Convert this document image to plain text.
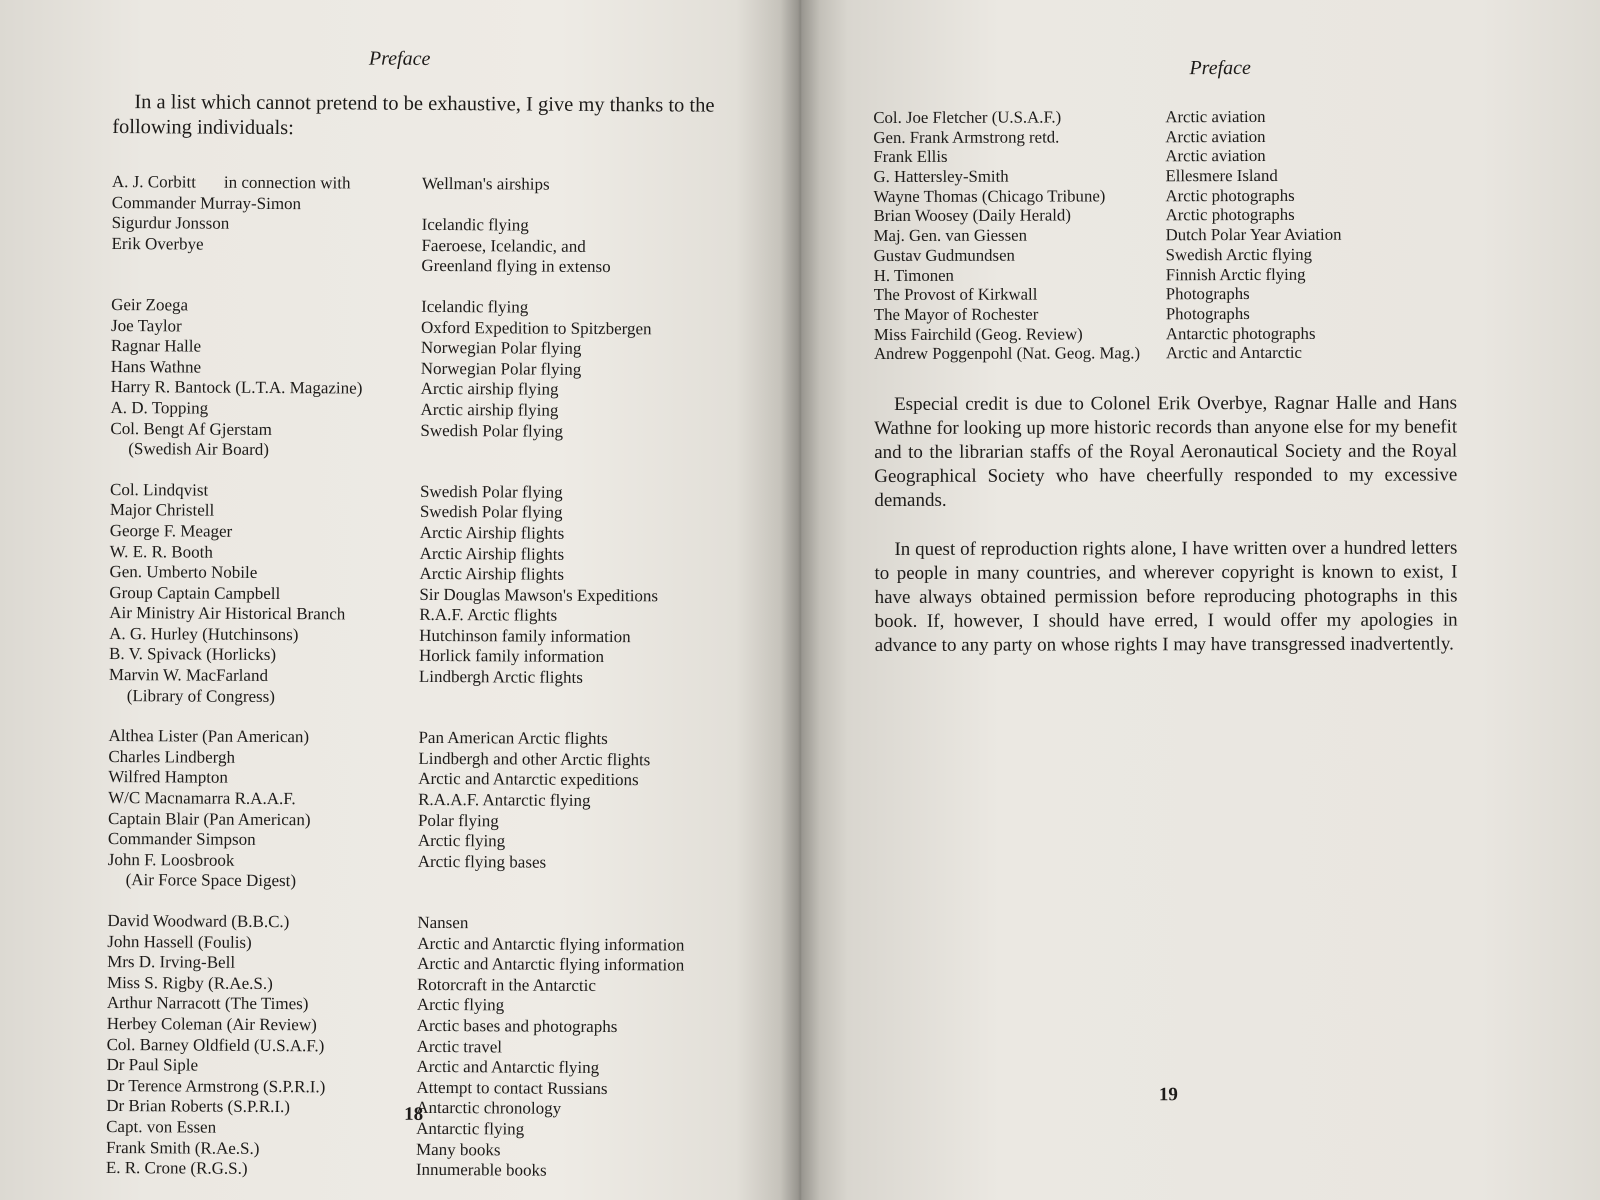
Preface

In a list which cannot pretend to be exhaustive, I give my thanks to the following individuals:

A. J. Corbitt in connection with	Wellman's airships
Commander Murray-Simon
Sigurdur Jonsson	Icelandic flying
Erik Overbye	Faeroese, Icelandic, and
Greenland flying in extenso
Geir Zoega	Icelandic flying
Joe Taylor	Oxford Expedition to Spitzbergen
Ragnar Halle	Norwegian Polar flying
Hans Wathne	Norwegian Polar flying
Harry R. Bantock (L.T.A. Magazine)	Arctic airship flying
A. D. Topping	Arctic airship flying
Col. Bengt Af Gjerstam	Swedish Polar flying
(Swedish Air Board)
Col. Lindqvist	Swedish Polar flying
Major Christell	Swedish Polar flying
George F. Meager	Arctic Airship flights
W. E. R. Booth	Arctic Airship flights
Gen. Umberto Nobile	Arctic Airship flights
Group Captain Campbell	Sir Douglas Mawson's Expeditions
Air Ministry Air Historical Branch	R.A.F. Arctic flights
A. G. Hurley (Hutchinsons)	Hutchinson family information
B. V. Spivack (Horlicks)	Horlick family information
Marvin W. MacFarland	Lindbergh Arctic flights
(Library of Congress)
Althea Lister (Pan American)	Pan American Arctic flights
Charles Lindbergh	Lindbergh and other Arctic flights
Wilfred Hampton	Arctic and Antarctic expeditions
W/C Macnamarra R.A.A.F.	R.A.A.F. Antarctic flying
Captain Blair (Pan American)	Polar flying
Commander Simpson	Arctic flying
John F. Loosbrook	Arctic flying bases
(Air Force Space Digest)
David Woodward (B.B.C.)	Nansen
John Hassell (Foulis)	Arctic and Antarctic flying information
Mrs D. Irving-Bell	Arctic and Antarctic flying information
Miss S. Rigby (R.Ae.S.)	Rotorcraft in the Antarctic
Arthur Narracott (The Times)	Arctic flying
Herbey Coleman (Air Review)	Arctic bases and photographs
Col. Barney Oldfield (U.S.A.F.)	Arctic travel
Dr Paul Siple	Arctic and Antarctic flying
Dr Terence Armstrong (S.P.R.I.)	Attempt to contact Russians
Dr Brian Roberts (S.P.R.I.)	Antarctic chronology
Capt. von Essen	Antarctic flying
Frank Smith (R.Ae.S.)	Many books
E. R. Crone (R.G.S.)	Innumerable books
18
Preface
Col. Joe Fletcher (U.S.A.F.)	Arctic aviation
Gen. Frank Armstrong retd.	Arctic aviation
Frank Ellis	Arctic aviation
G. Hattersley-Smith	Ellesmere Island
Wayne Thomas (Chicago Tribune)	Arctic photographs
Brian Woosey (Daily Herald)	Arctic photographs
Maj. Gen. van Giessen	Dutch Polar Year Aviation
Gustav Gudmundsen	Swedish Arctic flying
H. Timonen	Finnish Arctic flying
The Provost of Kirkwall	Photographs
The Mayor of Rochester	Photographs
Miss Fairchild (Geog. Review)	Antarctic photographs
Andrew Poggenpohl (Nat. Geog. Mag.)	Arctic and Antarctic

Especial credit is due to Colonel Erik Overbye, Ragnar Halle and Hans Wathne for looking up more historic records than anyone else for my benefit and to the librarian staffs of the Royal Aeronautical Society and the Royal Geographical Society who have cheerfully responded to my excessive demands.

In quest of reproduction rights alone, I have written over a hundred letters to people in many countries, and wherever copyright is known to exist, I have always obtained permission before reproducing photographs in this book. If, however, I should have erred, I would offer my apologies in advance to any party on whose rights I may have transgressed inadvertently.

19
